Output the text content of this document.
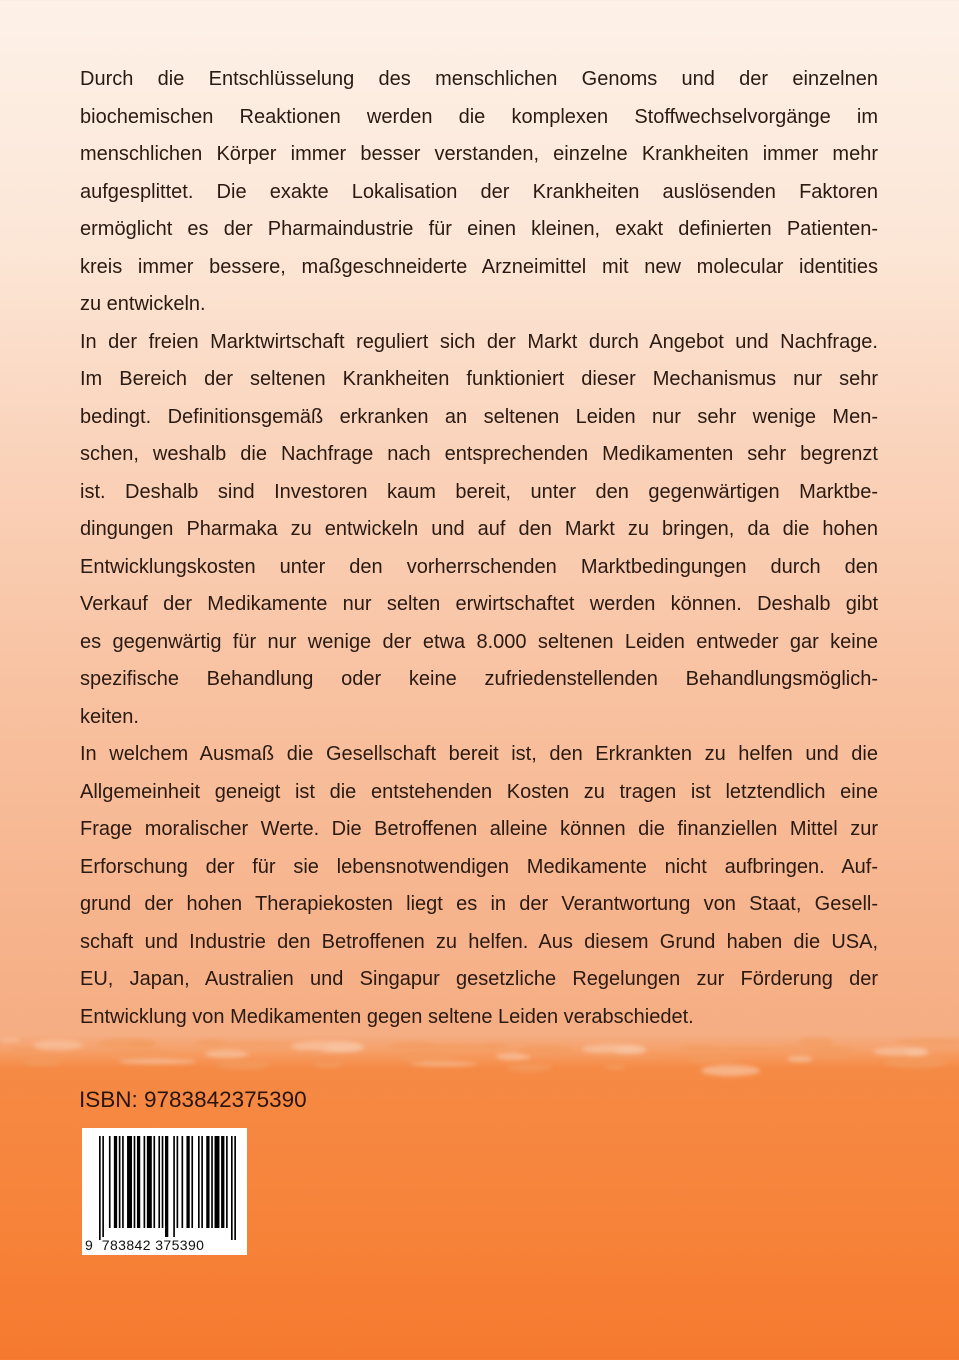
Durch die Entschlüsselung des menschlichen Genoms und der einzelnen
biochemischen Reaktionen werden die komplexen Stoffwechselvorgänge im
menschlichen Körper immer besser verstanden, einzelne Krankheiten immer mehr
aufgesplittet. Die exakte Lokalisation der Krankheiten auslösenden Faktoren
ermöglicht es der Pharmaindustrie für einen kleinen, exakt definierten Patienten-
kreis immer bessere, maßgeschneiderte Arzneimittel mit new molecular identities
zu entwickeln.
In der freien Marktwirtschaft reguliert sich der Markt durch Angebot und Nachfrage.
Im Bereich der seltenen Krankheiten funktioniert dieser Mechanismus nur sehr
bedingt. Definitionsgemäß erkranken an seltenen Leiden nur sehr wenige Men-
schen, weshalb die Nachfrage nach entsprechenden Medikamenten sehr begrenzt
ist. Deshalb sind Investoren kaum bereit, unter den gegenwärtigen Marktbe-
dingungen Pharmaka zu entwickeln und auf den Markt zu bringen, da die hohen
Entwicklungskosten unter den vorherrschenden Marktbedingungen durch den
Verkauf der Medikamente nur selten erwirtschaftet werden können. Deshalb gibt
es gegenwärtig für nur wenige der etwa 8.000 seltenen Leiden entweder gar keine
spezifische Behandlung oder keine zufriedenstellenden Behandlungsmöglich-
keiten.
In welchem Ausmaß die Gesellschaft bereit ist, den Erkrankten zu helfen und die
Allgemeinheit geneigt ist die entstehenden Kosten zu tragen ist letztendlich eine
Frage moralischer Werte. Die Betroffenen alleine können die finanziellen Mittel zur
Erforschung der für sie lebensnotwendigen Medikamente nicht aufbringen. Auf-
grund der hohen Therapiekosten liegt es in der Verantwortung von Staat, Gesell-
schaft und Industrie den Betroffenen zu helfen. Aus diesem Grund haben die USA,
EU, Japan, Australien und Singapur gesetzliche Regelungen zur Förderung der
Entwicklung von Medikamenten gegen seltene Leiden verabschiedet.
ISBN: 9783842375390
9 783842 375390
